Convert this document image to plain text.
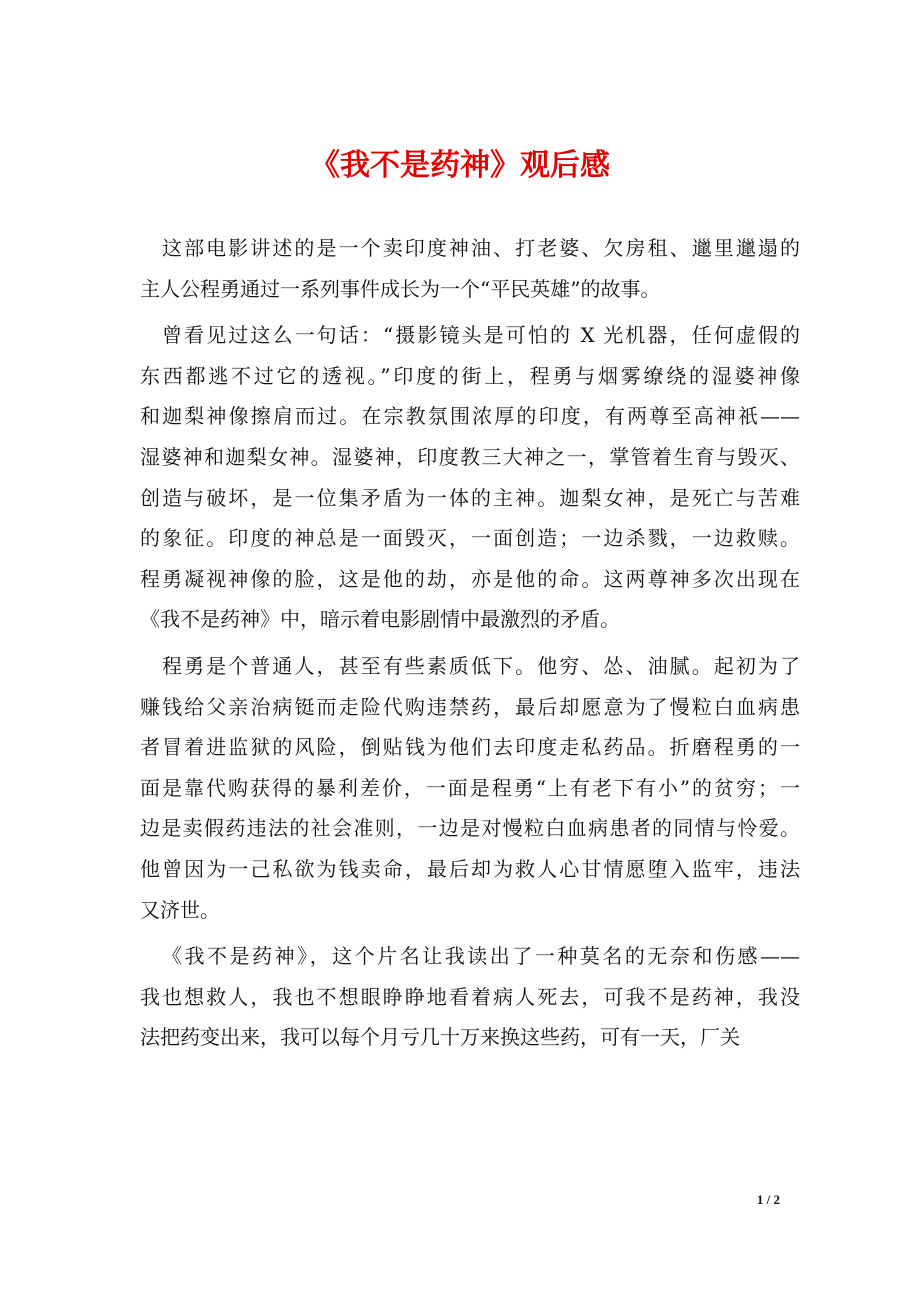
《我不是药神》观后感
这部电影讲述的是一个卖印度神油、打老婆、欠房租、邋里邋遢的
主人公程勇通过一系列事件成长为一个“平民英雄”的故事。
曾看见过这么一句话：“摄影镜头是可怕的 X 光机器，任何虚假的
东西都逃不过它的透视。”印度的街上，程勇与烟雾缭绕的湿婆神像
和迦梨神像擦肩而过。在宗教氛围浓厚的印度，有两尊至高神祇——
湿婆神和迦梨女神。湿婆神，印度教三大神之一，掌管着生育与毁灭、
创造与破坏，是一位集矛盾为一体的主神。迦梨女神，是死亡与苦难
的象征。印度的神总是一面毁灭，一面创造；一边杀戮，一边救赎。
程勇凝视神像的脸，这是他的劫，亦是他的命。这两尊神多次出现在
《我不是药神》中，暗示着电影剧情中最激烈的矛盾。
程勇是个普通人，甚至有些素质低下。他穷、怂、油腻。起初为了
赚钱给父亲治病铤而走险代购违禁药，最后却愿意为了慢粒白血病患
者冒着进监狱的风险，倒贴钱为他们去印度走私药品。折磨程勇的一
面是靠代购获得的暴利差价，一面是程勇“上有老下有小”的贫穷；一
边是卖假药违法的社会准则，一边是对慢粒白血病患者的同情与怜爱。
他曾因为一己私欲为钱卖命，最后却为救人心甘情愿堕入监牢，违法
又济世。
《我不是药神》，这个片名让我读出了一种莫名的无奈和伤感——
我也想救人，我也不想眼睁睁地看着病人死去，可我不是药神，我没
法把药变出来，我可以每个月亏几十万来换这些药，可有一天，厂关
1 / 2
